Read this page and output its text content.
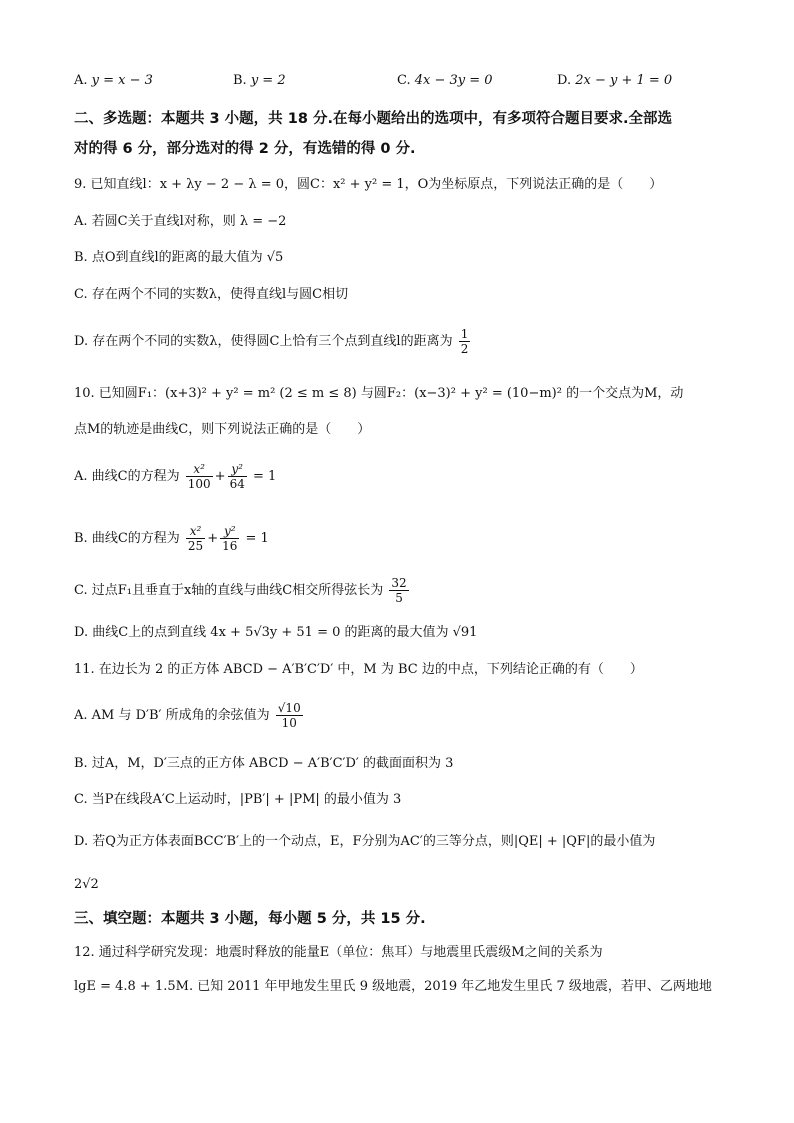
A. y = x − 3	B. y = 2	C. 4x − 3y = 0	D. 2x − y + 1 = 0
二、多选题：本题共 3 小题，共 18 分.在每小题给出的选项中，有多项符合题目要求.全部选
对的得 6 分，部分选对的得 2 分，有选错的得 0 分.
9. 已知直线l：x + λy − 2 − λ = 0，圆C：x² + y² = 1，O为坐标原点，下列说法正确的是（　　）
A. 若圆C关于直线l对称，则 λ = −2
B. 点O到直线l的距离的最大值为 √5
C. 存在两个不同的实数λ，使得直线l与圆C相切
D. 存在两个不同的实数λ，使得圆C上恰有三个点到直线l的距离为 $\frac{1}{2}$
10. 已知圆F₁：(x+3)² + y² = m² (2 ≤ m ≤ 8) 与圆F₂：(x−3)² + y² = (10−m)² 的一个交点为M，动
点M的轨迹是曲线C，则下列说法正确的是（　　）
A. 曲线C的方程为 $\frac{\text{x²}}{100} + \frac{\text{y²}}{64} = 1$
B. 曲线C的方程为 $\frac{\text{x²}}{25} + \frac{\text{y²}}{16} = 1$
C. 过点F₁且垂直于x轴的直线与曲线C相交所得弦长为 $\frac{32}{5}$
D. 曲线C上的点到直线 4x + 5√3y + 51 = 0 的距离的最大值为 √91
11. 在边长为 2 的正方体 ABCD − A′B′C′D′ 中，M 为 BC 边的中点，下列结论正确的有（　　）
A. AM 与 D′B′ 所成角的余弦值为 $\frac{√10}{10}$
B. 过A，M，D′三点的正方体 ABCD − A′B′C′D′ 的截面面积为 3
C. 当P在线段A′C上运动时，|PB′| + |PM| 的最小值为 3
D. 若Q为正方体表面BCC′B′上的一个动点，E，F分别为AC′的三等分点，则|QE| + |QF|的最小值为
2√2
三、填空题：本题共 3 小题，每小题 5 分，共 15 分.
12. 通过科学研究发现：地震时释放的能量E（单位：焦耳）与地震里氏震级M之间的关系为
lgE = 4.8 + 1.5M. 已知 2011 年甲地发生里氏 9 级地震，2019 年乙地发生里氏 7 级地震，若甲、乙两地地
